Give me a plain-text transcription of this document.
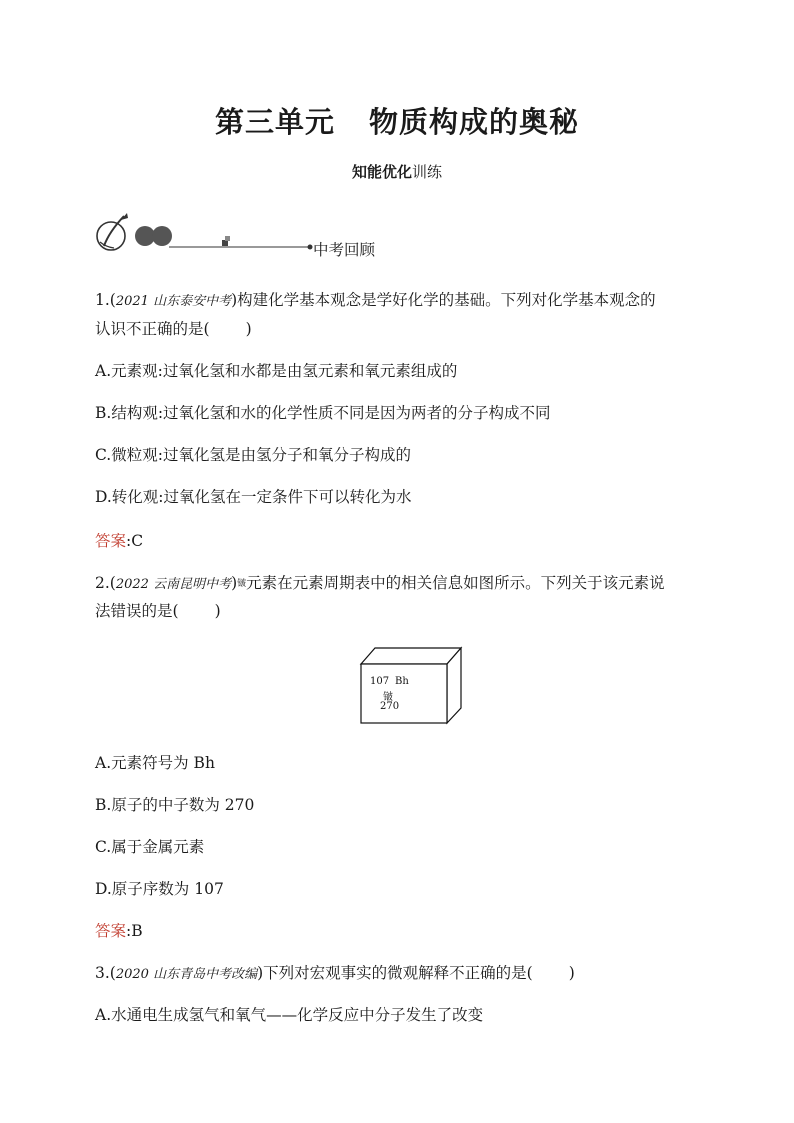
第三单元 物质构成的奥秘
知能优化训练
中考回顾
1.(2021 山东泰安中考)构建化学基本观念是学好化学的基础。下列对化学基本观念的
认识不正确的是( )
A.元素观:过氧化氢和水都是由氢元素和氧元素组成的
B.结构观:过氧化氢和水的化学性质不同是因为两者的分子构成不同
C.微粒观:过氧化氢是由氢分子和氧分子构成的
D.转化观:过氧化氢在一定条件下可以转化为水
答案:C
2.(2022 云南昆明中考)𬭛元素在元素周期表中的相关信息如图所示。下列关于该元素说
法错误的是( )
107 Bh
𬭛
270
A.元素符号为 Bh
B.原子的中子数为 270
C.属于金属元素
D.原子序数为 107
答案:B
3.(2020 山东青岛中考改编)下列对宏观事实的微观解释不正确的是( )
A.水通电生成氢气和氧气——化学反应中分子发生了改变
